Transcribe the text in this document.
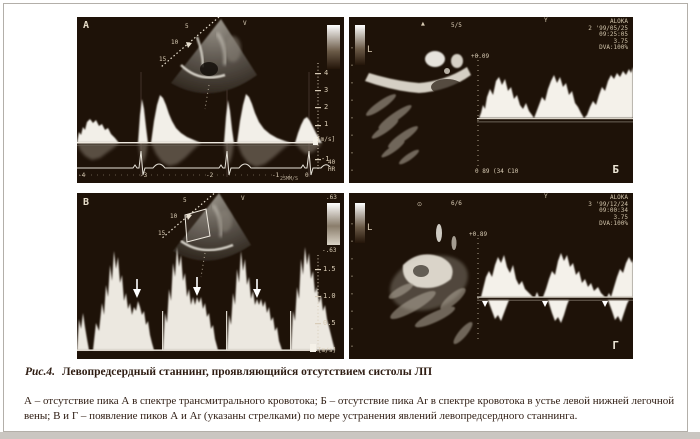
А	5
10
15
V
4
3
2
1
[m/s]
-1
-4	-3	-2	-1	0
40
HR
25MM/S
L
▲	5/5
Y	ALOKA
2 '99/05/25
09:25:05
3.75
DVA:100%
+0.09
0 89 (34 C10	Б
В	5
10
15
V	.63
-.63
1.5
1.0
0.5
[m/s]
L
⊙	6/6
Y	ALOKA
3 '99/12/24
09:00:34
3.75
DVA:100%
+0.89
Г
Рис.4. Левопредсердный станнинг, проявляющийся отсутствием систолы ЛП
А – отсутствие пика А в спектре трансмитрального кровотока; Б – отсутствие пика Ar в спектре кровотока в устье левой нижней легочной вены; В и Г – появление пиков А и Ar (указаны стрелками) по мере устранения явлений левопредсердного станнинга.
